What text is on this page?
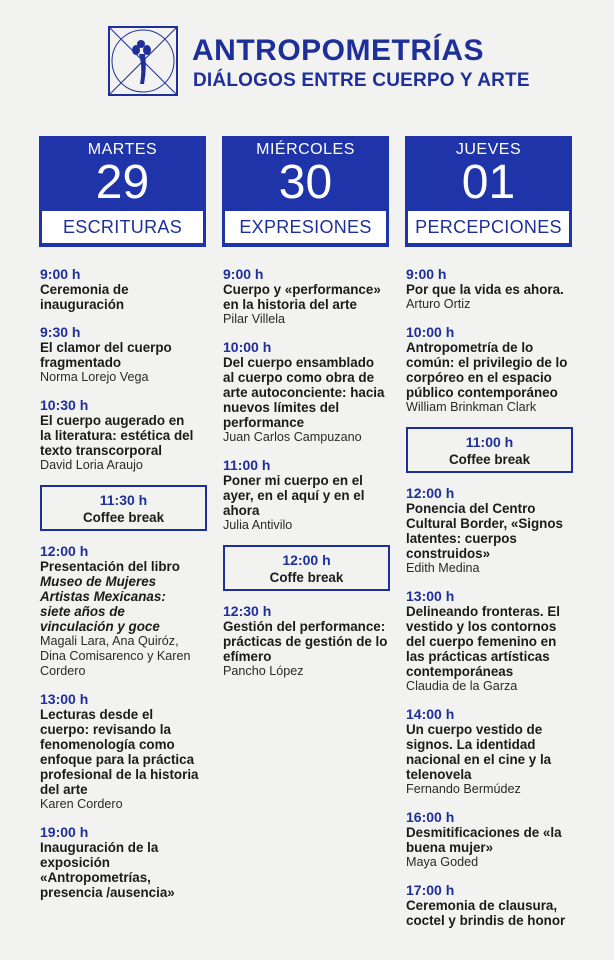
ANTROPOMETRÍAS
DIÁLOGOS ENTRE CUERPO Y ARTE
MARTES
29
ESCRITURAS
MIÉRCOLES
30
EXPRESIONES
JUEVES
01
PERCEPCIONES
9:00 h
Ceremonia de inauguración
9:30 h
El clamor del cuerpo fragmentado
Norma Lorejo Vega
10:30 h
El cuerpo augerado en la literatura: estética del texto transcorporal
David Loria Araujo
11:30 h
Coffee break
12:00 h
Presentación del libro Museo de Mujeres Artistas Mexicanas: siete años de vinculación y goce
Magali Lara, Ana Quiróz, Dina Comisarenco y Karen Cordero
13:00 h
Lecturas desde el cuerpo: revisando la fenomenología como enfoque para la práctica profesional de la historia del arte
Karen Cordero
19:00 h
Inauguración de la exposición «Antropometrías, presencia /ausencia»
9:00 h
Cuerpo y «performance» en la historia del arte
Pilar Villela
10:00 h
Del cuerpo ensamblado al cuerpo como obra de arte autoconciente: hacia nuevos límites del performance
Juan Carlos Campuzano
11:00 h
Poner mi cuerpo en el ayer, en el aquí y en el ahora
Julia Antivilo
12:00 h
Coffe break
12:30 h
Gestión del performance: prácticas de gestión de lo efímero
Pancho López
9:00 h
Por que la vida es ahora.
Arturo Ortiz
10:00 h
Antropometría de lo común: el privilegio de lo corpóreo en el espacio público contemporáneo
William Brinkman Clark
11:00 h
Coffee break
12:00 h
Ponencia del Centro Cultural Border, «Signos latentes: cuerpos construidos»
Edith Medina
13:00 h
Delineando fronteras. El vestido y los contornos del cuerpo femenino en las prácticas artísticas contemporáneas
Claudia de la Garza
14:00 h
Un cuerpo vestido de signos. La identidad nacional en el cine y la telenovela
Fernando Bermúdez
16:00 h
Desmitificaciones de «la buena mujer»
Maya Goded
17:00 h
Ceremonia de clausura, coctel y brindis de honor
